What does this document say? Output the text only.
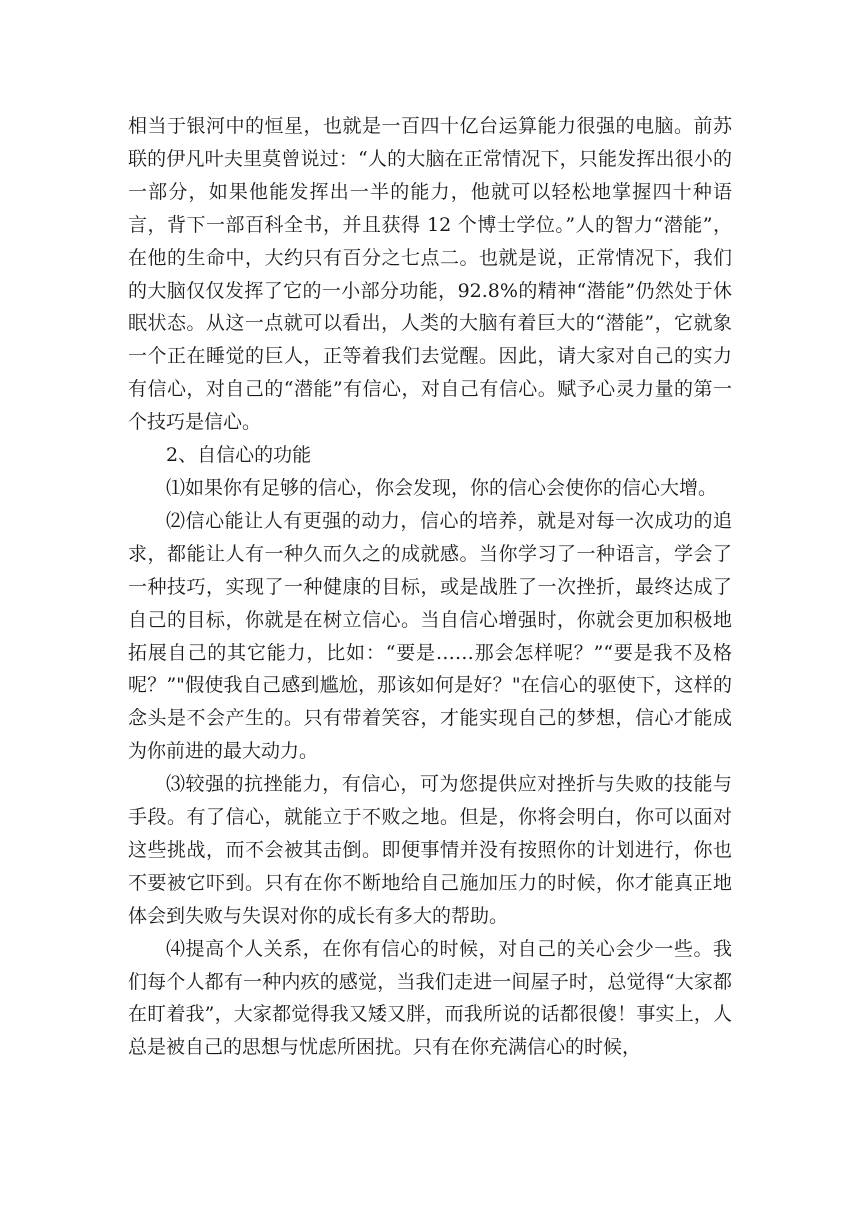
相当于银河中的恒星，也就是一百四十亿台运算能力很强的电脑。前苏联的伊凡叶夫里莫曾说过：“人的大脑在正常情况下，只能发挥出很小的一部分，如果他能发挥出一半的能力，他就可以轻松地掌握四十种语言，背下一部百科全书，并且获得 12 个博士学位。”人的智力“潜能”，在他的生命中，大约只有百分之七点二。也就是说，正常情况下，我们的大脑仅仅发挥了它的一小部分功能，92.8%的精神“潜能”仍然处于休眠状态。从这一点就可以看出，人类的大脑有着巨大的“潜能”，它就象一个正在睡觉的巨人，正等着我们去觉醒。因此，请大家对自己的实力有信心，对自己的“潜能”有信心，对自己有信心。赋予心灵力量的第一个技巧是信心。

2、自信心的功能

⑴如果你有足够的信心，你会发现，你的信心会使你的信心大增。

⑵信心能让人有更强的动力，信心的培养，就是对每一次成功的追求，都能让人有一种久而久之的成就感。当你学习了一种语言，学会了一种技巧，实现了一种健康的目标，或是战胜了一次挫折，最终达成了自己的目标，你就是在树立信心。当自信心增强时，你就会更加积极地拓展自己的其它能力，比如：“要是……那会怎样呢？”“要是我不及格呢？”"假使我自己感到尴尬，那该如何是好？"在信心的驱使下，这样的念头是不会产生的。只有带着笑容，才能实现自己的梦想，信心才能成为你前进的最大动力。

⑶较强的抗挫能力，有信心，可为您提供应对挫折与失败的技能与手段。有了信心，就能立于不败之地。但是，你将会明白，你可以面对这些挑战，而不会被其击倒。即便事情并没有按照你的计划进行，你也不要被它吓到。只有在你不断地给自己施加压力的时候，你才能真正地体会到失败与失误对你的成长有多大的帮助。

⑷提高个人关系，在你有信心的时候，对自己的关心会少一些。我们每个人都有一种内疚的感觉，当我们走进一间屋子时，总觉得“大家都在盯着我”，大家都觉得我又矮又胖，而我所说的话都很傻！事实上，人总是被自己的思想与忧虑所困扰。只有在你充满信心的时候，
